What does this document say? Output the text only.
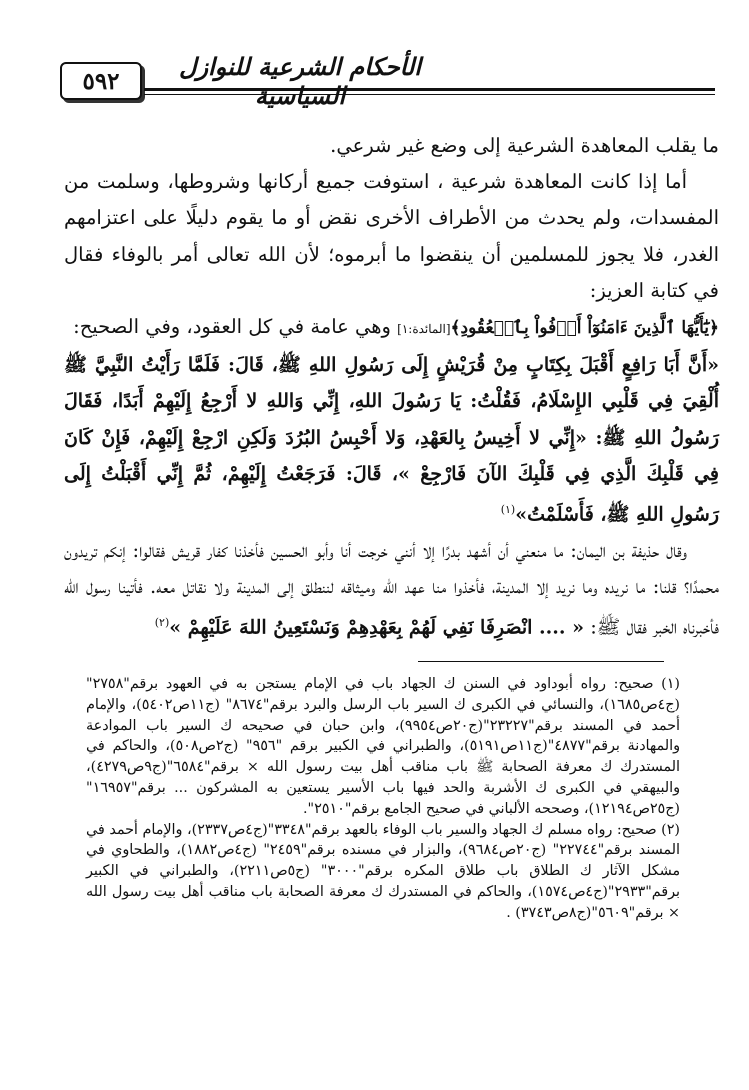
٥٩٢	الأحكام الشرعية للنوازل السياسية

ما يقلب المعاهدة الشرعية إلى وضع غير شرعي.

أما إذا كانت المعاهدة شرعية ، استوفت جميع أركانها وشروطها، وسلمت من المفسدات، ولم يحدث من الأطراف الأخرى نقض أو ما يقوم دليلًا على اعتزامهم الغدر، فلا يجوز للمسلمين أن ينقضوا ما أبرموه؛ لأن الله تعالى أمر بالوفاء فقال في كتابة العزيز:

﴿يَٰٓأَيُّهَا ٱلَّذِينَ ءَامَنُوٓاْ أَوۡفُواْ بِٱلۡعُقُودِ﴾[المائدة:١] وهي عامة في كل العقود، وفي الصحيح:

«أَنَّ أَبَا رَافِعٍ أَقْبَلَ بِكِتَابٍ مِنْ قُرَيْشٍ إِلَى رَسُولِ اللهِ ﷺ، قَالَ: فَلَمَّا رَأَيْتُ النَّبِيَّ ﷺ أُلْقِيَ فِي قَلْبِي الإِسْلَامُ، فَقُلْتُ: يَا رَسُولَ اللهِ، إِنِّي وَاللهِ لا أَرْجِعُ إِلَيْهِمْ أَبَدًا، فَقَالَ رَسُولُ اللهِ ﷺ: «إِنِّي لا أَخِيسُ بِالعَهْدِ، وَلا أَحْبِسُ البُرُدَ وَلَكِنِ ارْجِعْ إِلَيْهِمْ، فَإِنْ كَانَ فِي قَلْبِكَ الَّذِي فِي قَلْبِكَ الآنَ فَارْجِعْ »، قَالَ: فَرَجَعْتُ إِلَيْهِمْ، ثُمَّ إِنِّي أَقْبَلْتُ إِلَى رَسُولِ اللهِ ﷺ، فَأَسْلَمْتُ»$^{(١)}$

وقال حذيفة بن اليمان: ما منعني أن أشهد بدرًا إلا أنني خرجت أنا وأبو الحسين فأخذنا كفار قريش فقالوا: إنكم تريدون محمدًا؟ قلنا: ما نريده وما نريد إلا المدينة، فأخذوا منا عهد الله وميثاقه لننطلق إلى المدينة ولا نقاتل معه. فأتينا رسول الله فأخبرناه الخبر فقال ﷺ: « .... انْصَرِفَا نَفِي لَهُمْ بِعَهْدِهِمْ وَنَسْتَعِينُ اللهَ عَلَيْهِمْ »$^{(٢)}$

(١) صحيح: رواه أبوداود في السنن ك الجهاد باب في الإمام يستجن به في العهود برقم"٢٧٥٨" (ج٤ص١٦٨٥)، والنسائي في الكبرى ك السير باب الرسل والبرد برقم"٨٦٧٤" (ج١١ص٥٤٠٢)، والإمام أحمد في المسند برقم"٢٣٢٢٧"(ج٢٠ص٩٩٥٤)، وابن حبان في صحيحه ك السير باب الموادعة والمهادنة برقم"٤٨٧٧"(ج١١ص٥١٩١)، والطبراني في الكبير برقم "٩٥٦" (ج٢ص٥٠٨)، والحاكم في المستدرك ك معرفة الصحابة ﷺ باب مناقب أهل بيت رسول الله × برقم"٦٥٨٤"(ج٩ص٤٢٧٩)، والبيهقي في الكبرى ك الأشربة والحد فيها باب الأسير يستعين به المشركون ... برقم"١٦٩٥٧" (ج٢٥ص١٢١٩٤)، وصححه الألباني في صحيح الجامع برقم"٢٥١٠".

(٢) صحيح: رواه مسلم ك الجهاد والسير باب الوفاء بالعهد برقم"٣٣٤٨"(ج٤ص٢٣٣٧)، والإمام أحمد في المسند برقم"٢٢٧٤٤" (ج٢٠ص٩٦٨٤)، والبزار في مسنده برقم"٢٤٥٩" (ج٤ص١٨٨٢)، والطحاوي في مشكل الآثار ك الطلاق باب طلاق المكره برقم"٣٠٠٠" (ج٥ص٢٢١١)، والطبراني في الكبير برقم"٢٩٣٣"(ج٤ص١٥٧٤)، والحاكم في المستدرك ك معرفة الصحابة باب مناقب أهل بيت رسول الله × برقم"٥٦٠٩"(ج٨ص٣٧٤٣) .
